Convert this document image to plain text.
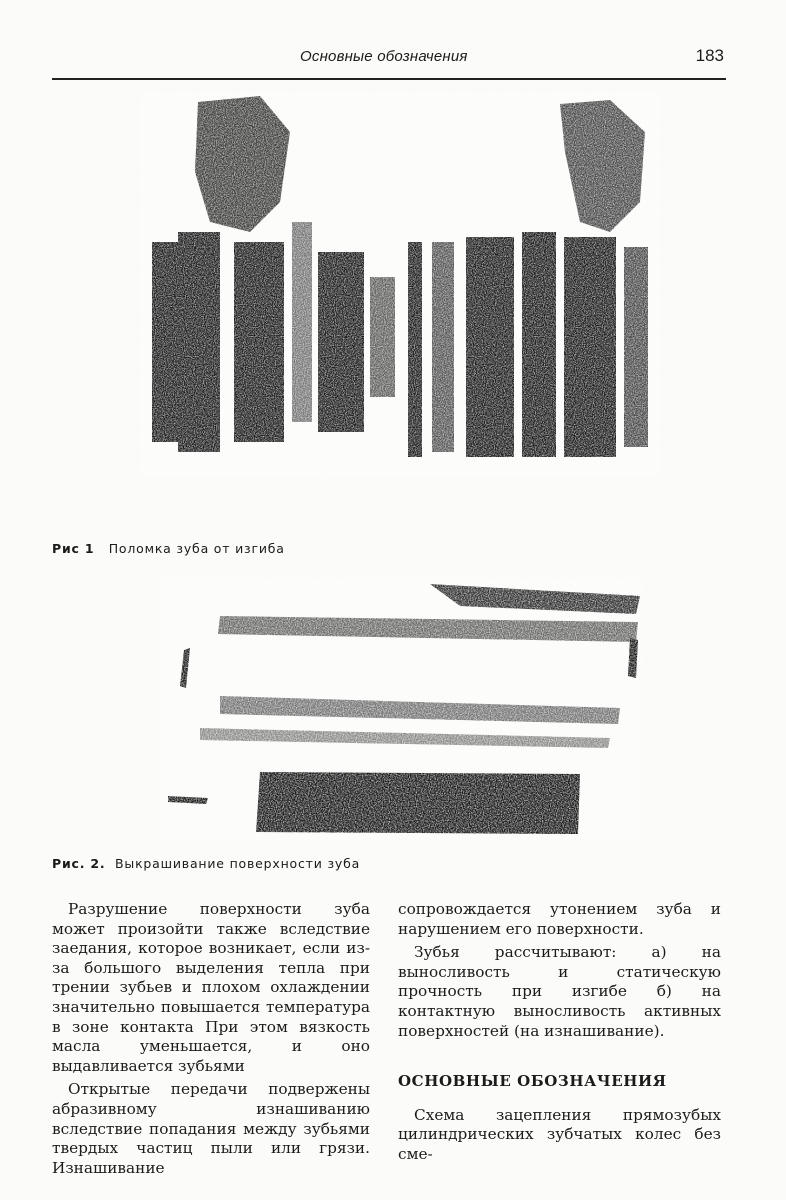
Основные обозначения	183
Рис 1 Поломка зуба от изгиба
Рис. 2. Выкрашивание поверхности зуба

Разрушение поверхности зуба может произойти также вследствие заедания, которое возникает, если из-за большого выделения тепла при трении зубьев и плохом охлаждении значительно повышается температура в зоне контакта При этом вязкость масла уменьшается, и оно выдавливается зубьями

Открытые передачи подвержены абразивному изнашиванию вследствие попадания между зубьями твердых частиц пыли или грязи. Изнашивание

сопровождается утонением зуба и нарушением его поверхности.

Зубья рассчитывают: а) на выносливость и статическую прочность при изгибе б) на контактную выносливость активных поверхностей (на изнашивание).

ОСНОВНЫЕ ОБОЗНАЧЕНИЯ

Схема зацепления прямозубых цилиндрических зубчатых колес без сме-
